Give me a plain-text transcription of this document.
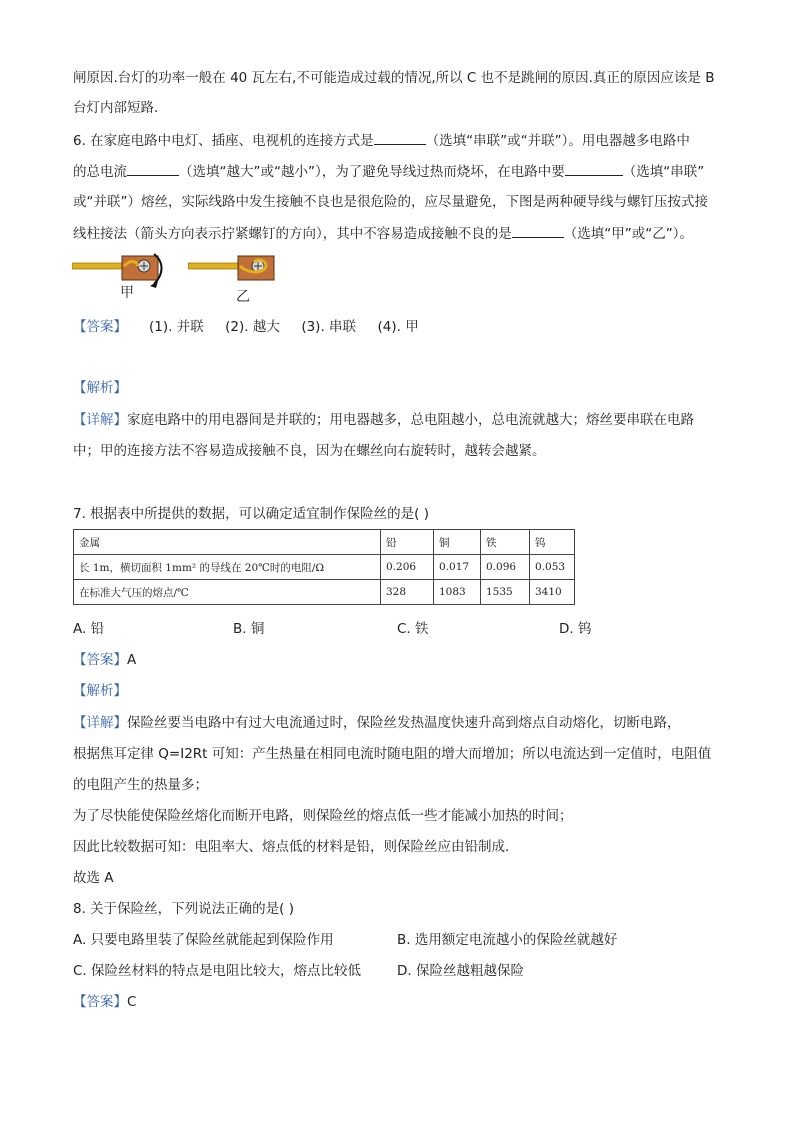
闸原因.台灯的功率一般在 40 瓦左右,不可能造成过载的情况,所以 C 也不是跳闸的原因.真正的原因应该是 B
台灯内部短路.
6. 在家庭电路中电灯、插座、电视机的连接方式是	（选填“串联”或“并联”）。用电器越多电路中
的总电流	（选填“越大”或“越小”），为了避免导线过热而烧坏，在电路中要	（选填“串联”
或“并联”）熔丝，实际线路中发生接触不良也是很危险的，应尽量避免，下图是两种硬导线与螺钉压按式接
线柱接法（箭头方向表示拧紧螺钉的方向），其中不容易造成接触不良的是	（选填“甲”或“乙”）。
甲	乙
【答案】 (1). 并联     (2). 越大     (3). 串联     (4). 甲
【解析】
【详解】家庭电路中的用电器间是并联的；用电器越多，总电阻越小，总电流就越大；熔丝要串联在电路
中；甲的连接方法不容易造成接触不良，因为在螺丝向右旋转时，越转会越紧。
7. 根据表中所提供的数据，可以确定适宜制作保险丝的是( )
金属	铅	铜	铁	钨
长 1m，横切面积 1mm² 的导线在 20℃时的电阻/Ω	0.206	0.017	0.096	0.053
在标准大气压的熔点/℃	328	1083	1535	3410
A. 铅	B. 铜	C. 铁	D. 钨
【答案】A
【解析】
【详解】保险丝要当电路中有过大电流通过时，保险丝发热温度快速升高到熔点自动熔化，切断电路，
根据焦耳定律 Q=I2Rt 可知：产生热量在相同电流时随电阻的增大而增加；所以电流达到一定值时，电阻值
的电阻产生的热量多；
为了尽快能使保险丝熔化而断开电路，则保险丝的熔点低一些才能减小加热的时间；
因此比较数据可知：电阻率大、熔点低的材料是铅，则保险丝应由铅制成．
故选 A
8. 关于保险丝，下列说法正确的是( )
A. 只要电路里装了保险丝就能起到保险作用	B. 选用额定电流越小的保险丝就越好
C. 保险丝材料的特点是电阻比较大，熔点比较低	D. 保险丝越粗越保险
【答案】C
